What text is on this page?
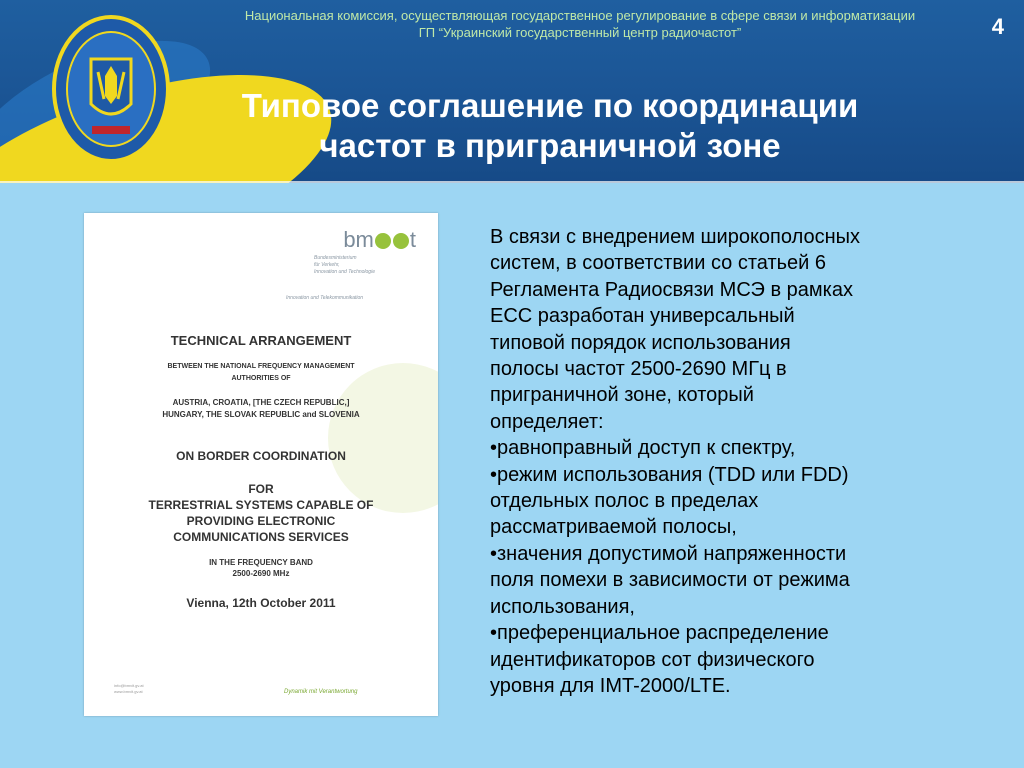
Национальная комиссия, осуществляющая государственное регулирование в сфере связи и информатизации
ГП “Украинский государственный центр радиочастот”	4
Типовое соглашение по координации
частот в приграничной зоне
bm t
Bundesministerium
für Verkehr,
Innovation und Technologie
Innovation und Telekommunikation
TECHNICAL ARRANGEMENT
BETWEEN THE NATIONAL FREQUENCY MANAGEMENT
AUTHORITIES OF
AUSTRIA, CROATIA, [THE CZECH REPUBLIC,]
HUNGARY, THE SLOVAK REPUBLIC and SLOVENIA
ON BORDER COORDINATION
FOR
TERRESTRIAL SYSTEMS CAPABLE OF
PROVIDING ELECTRONIC
COMMUNICATIONS SERVICES
IN THE FREQUENCY BAND
2500-2690 MHz
Vienna, 12th October 2011
info@bmvit.gv.at
www.bmvit.gv.at	Dynamik mit Verantwortung

В связи с внедрением широкополосных

систем, в соответствии со статьей 6

Регламента Радиосвязи МСЭ в рамках

ЕСС разработан универсальный

типовой порядок использования

полосы частот 2500-2690 МГц в

приграничной зоне, который

определяет:

•равноправный доступ к спектру,

•режим использования (TDD или FDD)

отдельных полос в пределах

рассматриваемой полосы,

•значения допустимой напряженности

поля помехи в зависимости от режима

использования,

•преференциальное распределение

идентификаторов сот физического

уровня для IMT-2000/LTE.
